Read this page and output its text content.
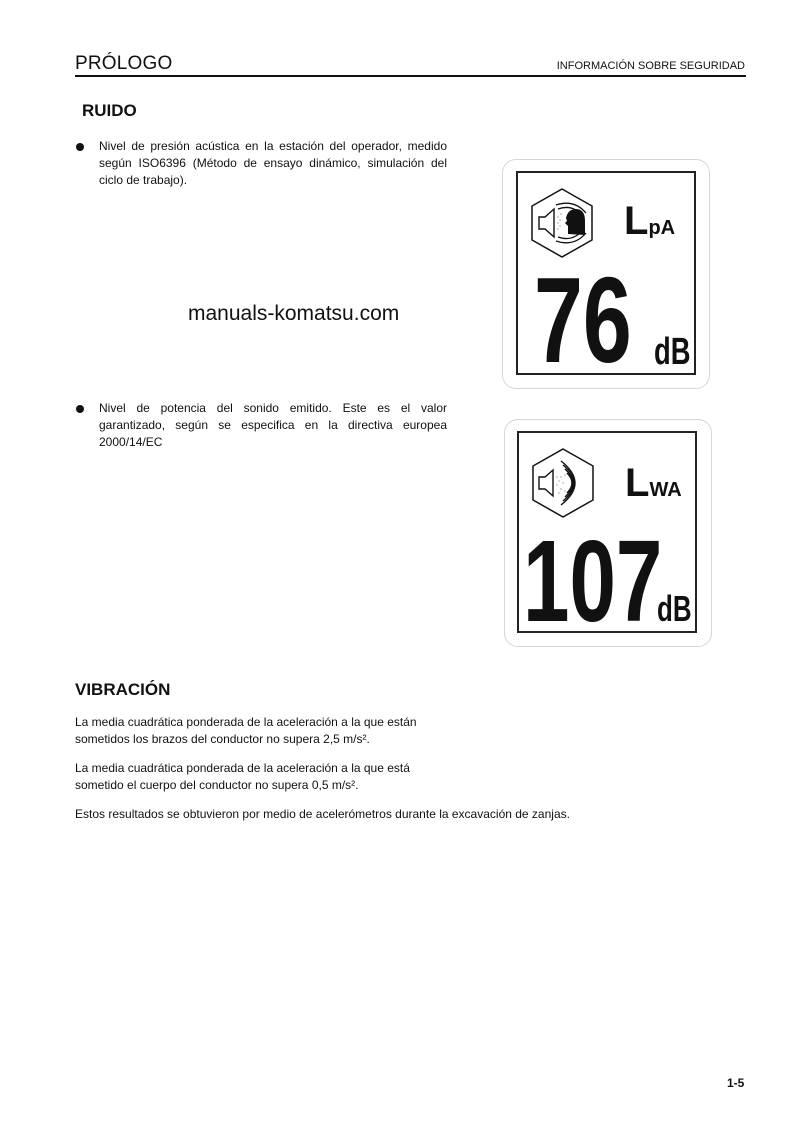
PRÓLOGO	INFORMACIÓN SOBRE SEGURIDAD
RUIDO
Nivel de presión acústica en la estación del operador, medido según ISO6396 (Método de ensayo dinámico, simulación del ciclo de trabajo).
manuals-komatsu.com
Nivel de potencia del sonido emitido. Este es el valor garantizado, según se especifica en la directiva europea 2000/14/EC
LpA
76 dB
LWA
107
dB
VIBRACIÓN
La media cuadrática ponderada de la aceleración a la que están sometidos los brazos del conductor no supera 2,5 m/s².
La media cuadrática ponderada de la aceleración a la que está sometido el cuerpo del conductor no supera 0,5 m/s².
Estos resultados se obtuvieron por medio de acelerómetros durante la excavación de zanjas.
1-5
